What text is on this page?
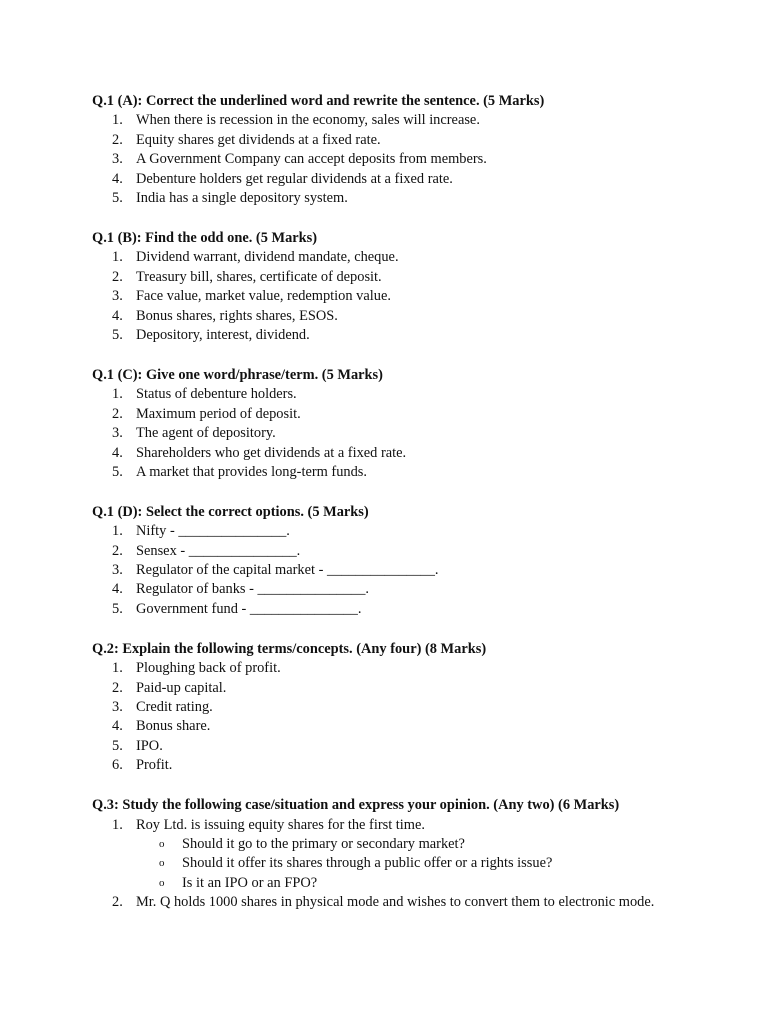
Q.1 (A): Correct the underlined word and rewrite the sentence. (5 Marks)

1. When there is recession in the economy, sales will increase.
2. Equity shares get dividends at a fixed rate.
3. A Government Company can accept deposits from members.
4. Debenture holders get regular dividends at a fixed rate.
5. India has a single depository system.

Q.1 (B): Find the odd one. (5 Marks)

1. Dividend warrant, dividend mandate, cheque.
2. Treasury bill, shares, certificate of deposit.
3. Face value, market value, redemption value.
4. Bonus shares, rights shares, ESOS.
5. Depository, interest, dividend.

Q.1 (C): Give one word/phrase/term. (5 Marks)

1. Status of debenture holders.
2. Maximum period of deposit.
3. The agent of depository.
4. Shareholders who get dividends at a fixed rate.
5. A market that provides long-term funds.

Q.1 (D): Select the correct options. (5 Marks)

1. Nifty - _______________.
2. Sensex - _______________.
3. Regulator of the capital market - _______________.
4. Regulator of banks - _______________.
5. Government fund - _______________.

Q.2: Explain the following terms/concepts. (Any four) (8 Marks)

1. Ploughing back of profit.
2. Paid-up capital.
3. Credit rating.
4. Bonus share.
5. IPO.
6. Profit.

Q.3: Study the following case/situation and express your opinion. (Any two) (6 Marks)

1. Roy Ltd. is issuing equity shares for the first time.
o Should it go to the primary or secondary market?
o Should it offer its shares through a public offer or a rights issue?
o Is it an IPO or an FPO?
2. Mr. Q holds 1000 shares in physical mode and wishes to convert them to electronic mode.
